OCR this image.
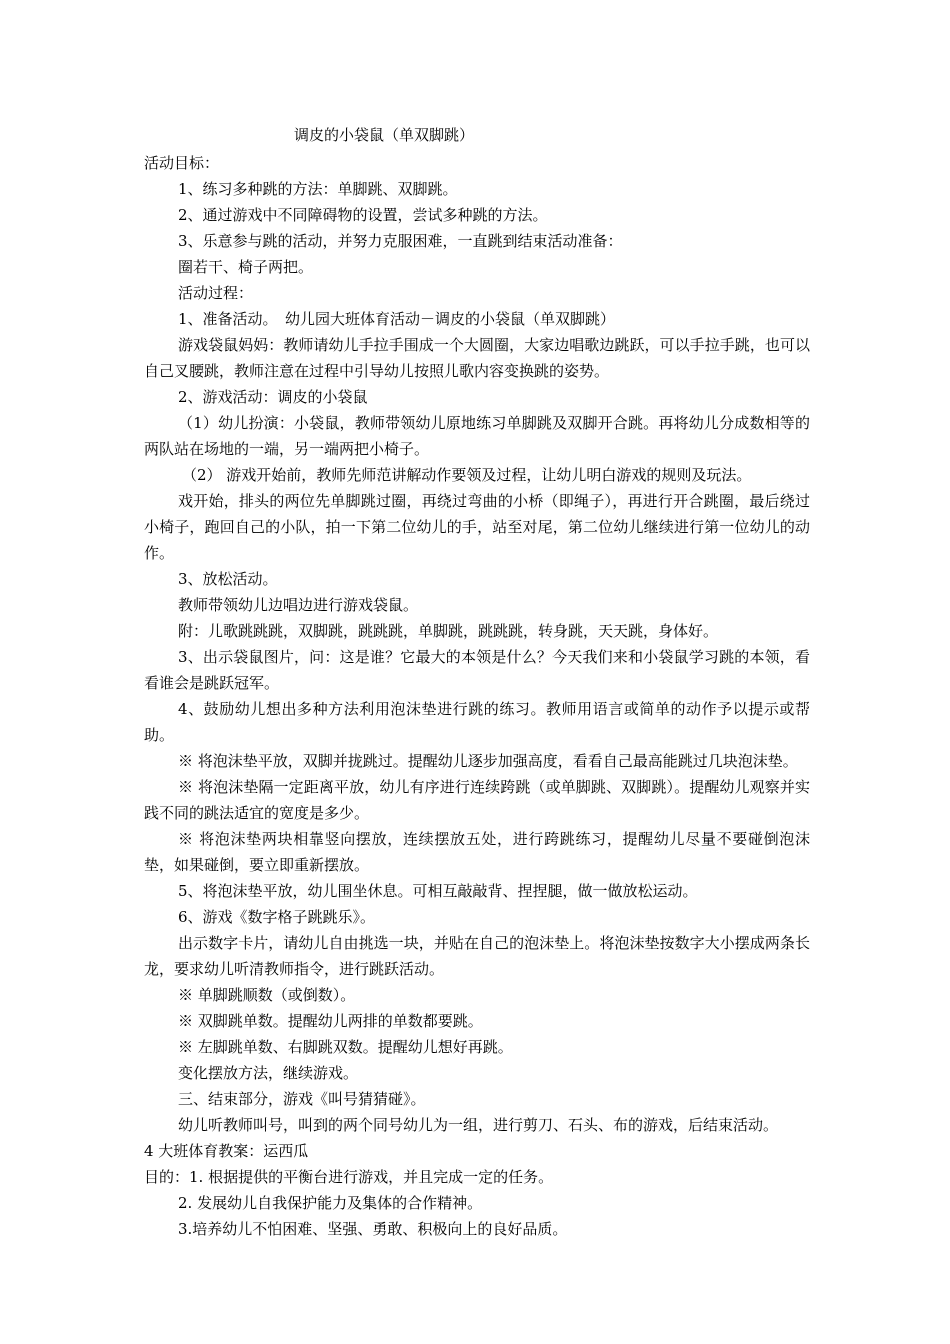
调皮的小袋鼠（单双脚跳）

活动目标：

1、练习多种跳的方法：单脚跳、双脚跳。

2、通过游戏中不同障碍物的设置，尝试多种跳的方法。

3、乐意参与跳的活动，并努力克服困难，一直跳到结束活动准备：

圈若干、椅子两把。

活动过程：

1、准备活动。　幼儿园大班体育活动－调皮的小袋鼠（单双脚跳）

游戏袋鼠妈妈：教师请幼儿手拉手围成一个大圆圈，大家边唱歌边跳跃，可以手拉手跳，也可以自己叉腰跳，教师注意在过程中引导幼儿按照儿歌内容变换跳的姿势。

2、游戏活动：调皮的小袋鼠

（1）幼儿扮演：小袋鼠，教师带领幼儿原地练习单脚跳及双脚开合跳。再将幼儿分成数相等的两队站在场地的一端，另一端两把小椅子。

（2） 游戏开始前，教师先师范讲解动作要领及过程，让幼儿明白游戏的规则及玩法。

戏开始，排头的两位先单脚跳过圈，再绕过弯曲的小桥（即绳子），再进行开合跳圈，最后绕过小椅子，跑回自己的小队，拍一下第二位幼儿的手，站至对尾，第二位幼儿继续进行第一位幼儿的动作。

3、放松活动。

教师带领幼儿边唱边进行游戏袋鼠。

附：儿歌跳跳跳，双脚跳，跳跳跳，单脚跳，跳跳跳，转身跳，天天跳，身体好。

3、出示袋鼠图片，问：这是谁？它最大的本领是什么？今天我们来和小袋鼠学习跳的本领，看看谁会是跳跃冠军。

4、鼓励幼儿想出多种方法利用泡沫垫进行跳的练习。教师用语言或简单的动作予以提示或帮助。

※ 将泡沫垫平放，双脚并拢跳过。提醒幼儿逐步加强高度，看看自己最高能跳过几块泡沫垫。

※ 将泡沫垫隔一定距离平放，幼儿有序进行连续跨跳（或单脚跳、双脚跳）。提醒幼儿观察并实践不同的跳法适宜的宽度是多少。

※ 将泡沫垫两块相靠竖向摆放，连续摆放五处，进行跨跳练习，提醒幼儿尽量不要碰倒泡沫垫，如果碰倒，要立即重新摆放。

5、将泡沫垫平放，幼儿围坐休息。可相互敲敲背、捏捏腿，做一做放松运动。

6、游戏《数字格子跳跳乐》。

出示数字卡片，请幼儿自由挑选一块，并贴在自己的泡沫垫上。将泡沫垫按数字大小摆成两条长龙，要求幼儿听清教师指令，进行跳跃活动。

※ 单脚跳顺数（或倒数）。

※ 双脚跳单数。提醒幼儿两排的单数都要跳。

※ 左脚跳单数、右脚跳双数。提醒幼儿想好再跳。

变化摆放方法，继续游戏。

三、结束部分，游戏《叫号猜猜碰》。

幼儿听教师叫号，叫到的两个同号幼儿为一组，进行剪刀、石头、布的游戏，后结束活动。

4 大班体育教案：运西瓜

目的：1. 根据提供的平衡台进行游戏，并且完成一定的任务。

2. 发展幼儿自我保护能力及集体的合作精神。

3.培养幼儿不怕困难、坚强、勇敢、积极向上的良好品质。
